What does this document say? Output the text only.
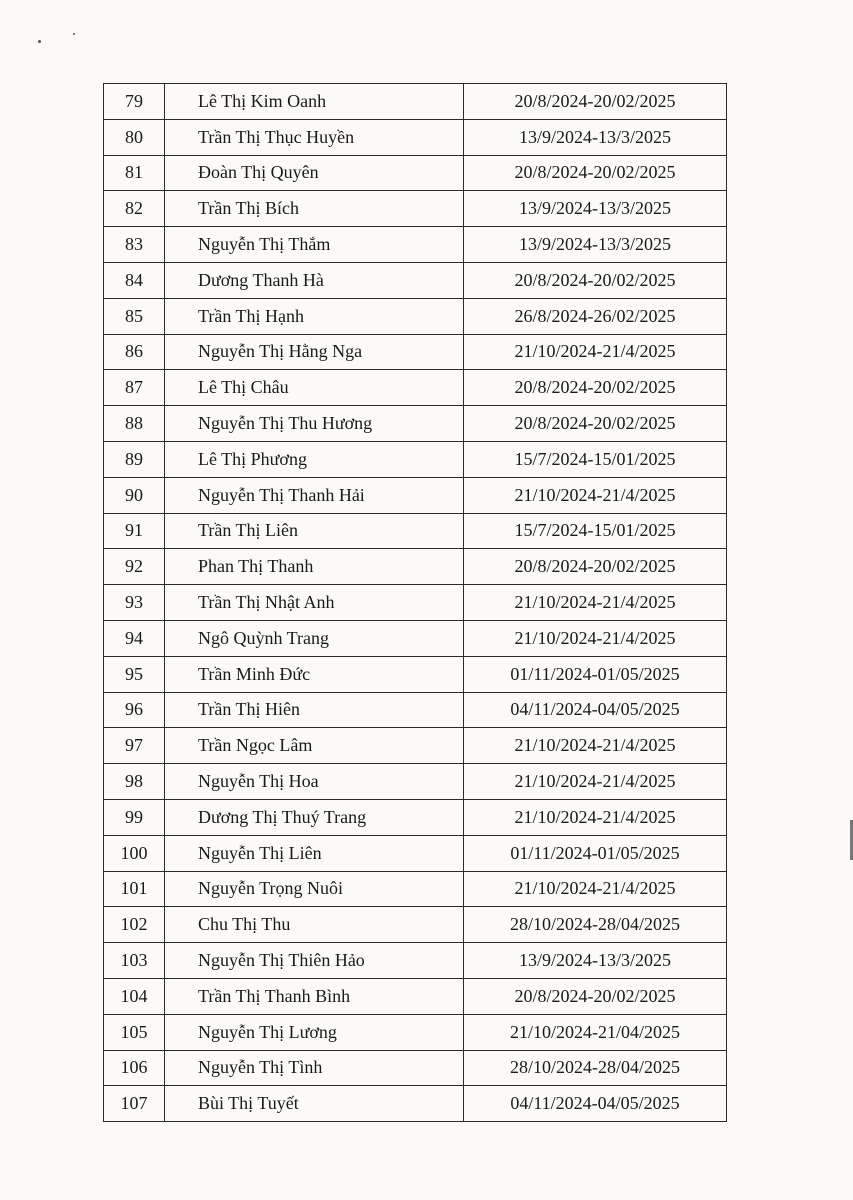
79	Lê Thị Kim Oanh	20/8/2024-20/02/2025
80	Trần Thị Thục Huyền	13/9/2024-13/3/2025
81	Đoàn Thị Quyên	20/8/2024-20/02/2025
82	Trần Thị Bích	13/9/2024-13/3/2025
83	Nguyễn Thị Thắm	13/9/2024-13/3/2025
84	Dương Thanh Hà	20/8/2024-20/02/2025
85	Trần Thị Hạnh	26/8/2024-26/02/2025
86	Nguyễn Thị Hằng Nga	21/10/2024-21/4/2025
87	Lê Thị Châu	20/8/2024-20/02/2025
88	Nguyễn Thị Thu Hương	20/8/2024-20/02/2025
89	Lê Thị Phương	15/7/2024-15/01/2025
90	Nguyễn Thị Thanh Hải	21/10/2024-21/4/2025
91	Trần Thị Liên	15/7/2024-15/01/2025
92	Phan Thị Thanh	20/8/2024-20/02/2025
93	Trần Thị Nhật Anh	21/10/2024-21/4/2025
94	Ngô Quỳnh Trang	21/10/2024-21/4/2025
95	Trần Minh Đức	01/11/2024-01/05/2025
96	Trần Thị Hiên	04/11/2024-04/05/2025
97	Trần Ngọc Lâm	21/10/2024-21/4/2025
98	Nguyễn Thị Hoa	21/10/2024-21/4/2025
99	Dương Thị Thuý Trang	21/10/2024-21/4/2025
100	Nguyễn Thị Liên	01/11/2024-01/05/2025
101	Nguyễn Trọng Nuôi	21/10/2024-21/4/2025
102	Chu Thị Thu	28/10/2024-28/04/2025
103	Nguyễn Thị Thiên Hảo	13/9/2024-13/3/2025
104	Trần Thị Thanh Bình	20/8/2024-20/02/2025
105	Nguyễn Thị Lương	21/10/2024-21/04/2025
106	Nguyễn Thị Tình	28/10/2024-28/04/2025
107	Bùi Thị Tuyết	04/11/2024-04/05/2025
